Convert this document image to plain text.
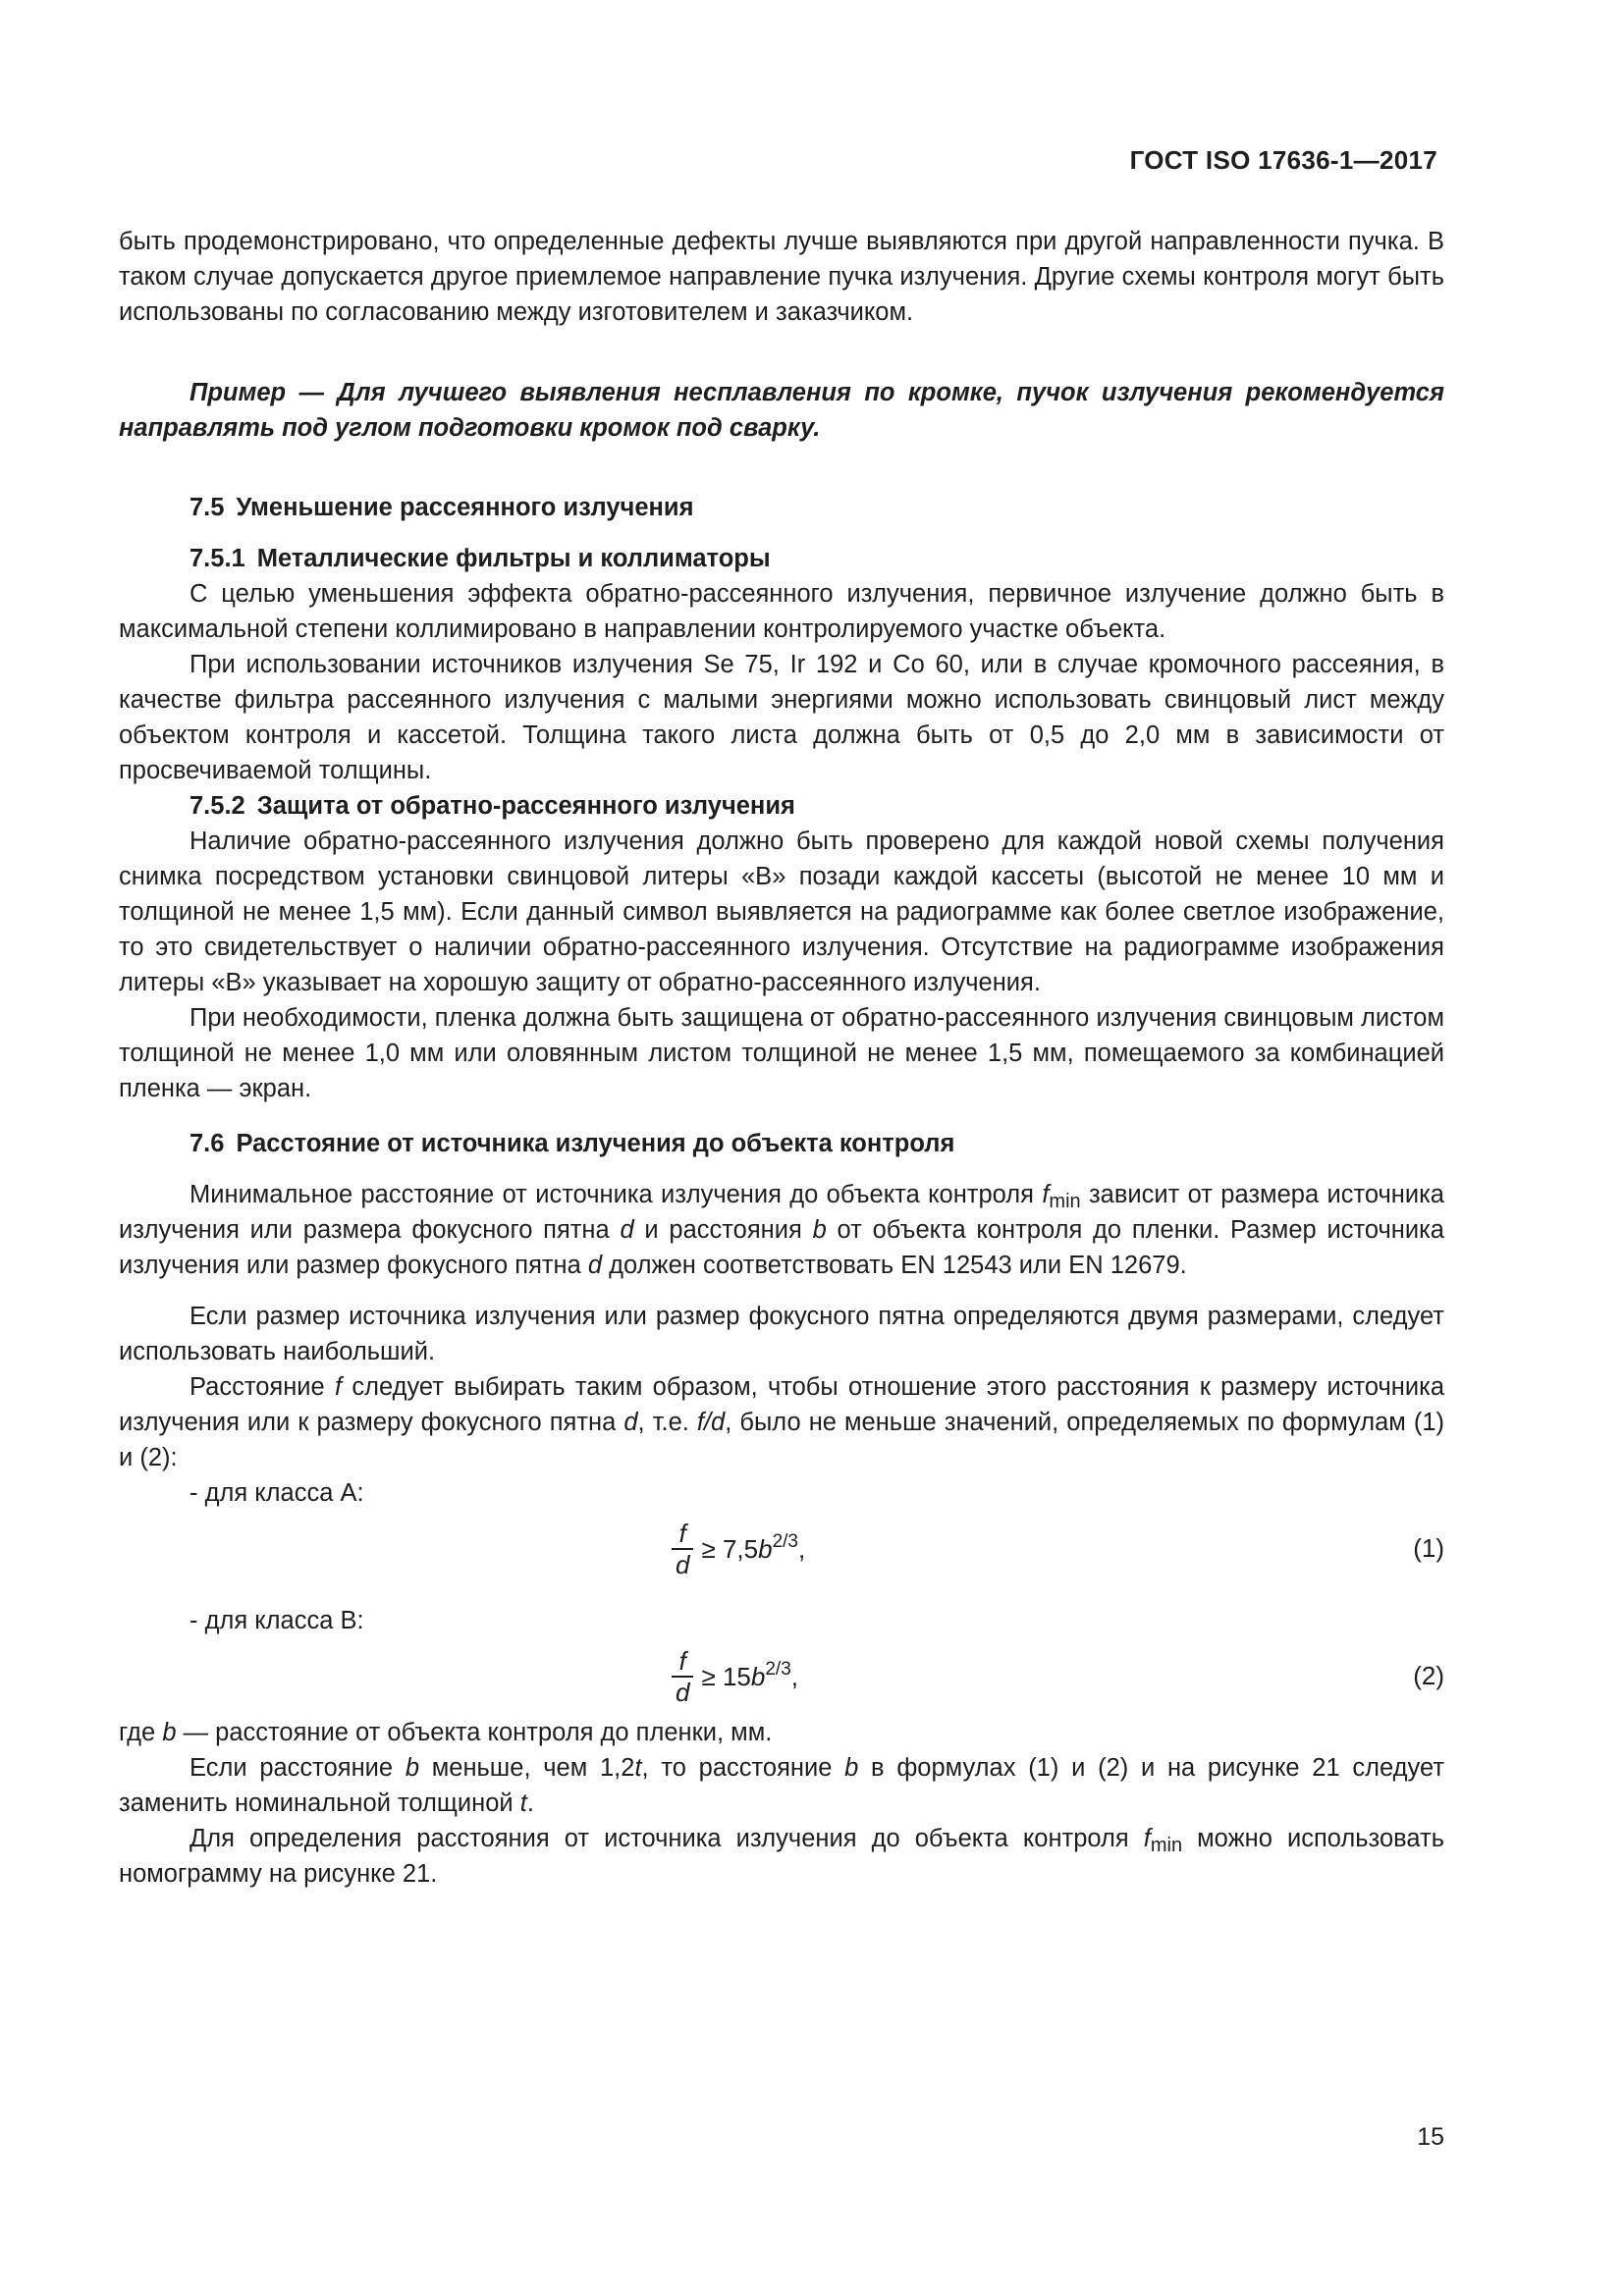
ГОСТ ISO 17636-1—2017

быть продемонстрировано, что определенные дефекты лучше выявляются при другой направленности пучка. В таком случае допускается другое приемлемое направление пучка излучения. Другие схемы контроля могут быть использованы по согласованию между изготовителем и заказчиком.

Пример — Для лучшего выявления несплавления по кромке, пучок излучения рекомендуется направлять под углом подготовки кромок под сварку.

7.5 Уменьшение рассеянного излучения
7.5.1 Металлические фильтры и коллиматоры

С целью уменьшения эффекта обратно-рассеянного излучения, первичное излучение должно быть в максимальной степени коллимировано в направлении контролируемого участке объекта.

При использовании источников излучения Se 75, Ir 192 и Co 60, или в случае кромочного рассеяния, в качестве фильтра рассеянного излучения с малыми энергиями можно использовать свинцовый лист между объектом контроля и кассетой. Толщина такого листа должна быть от 0,5 до 2,0 мм в зависимости от просвечиваемой толщины.

7.5.2 Защита от обратно-рассеянного излучения

Наличие обратно-рассеянного излучения должно быть проверено для каждой новой схемы получения снимка посредством установки свинцовой литеры «В» позади каждой кассеты (высотой не менее 10 мм и толщиной не менее 1,5 мм). Если данный символ выявляется на радиограмме как более светлое изображение, то это свидетельствует о наличии обратно-рассеянного излучения. Отсутствие на радиограмме изображения литеры «В» указывает на хорошую защиту от обратно-рассеянного излучения.

При необходимости, пленка должна быть защищена от обратно-рассеянного излучения свинцовым листом толщиной не менее 1,0 мм или оловянным листом толщиной не менее 1,5 мм, помещаемого за комбинацией пленка — экран.

7.6 Расстояние от источника излучения до объекта контроля

Минимальное расстояние от источника излучения до объекта контроля $f_{min}$ зависит от размера источника излучения или размера фокусного пятна d и расстояния b от объекта контроля до пленки. Размер источника излучения или размер фокусного пятна d должен соответствовать EN 12543 или EN 12679.

Если размер источника излучения или размер фокусного пятна определяются двумя размерами, следует использовать наибольший.

Расстояние f следует выбирать таким образом, чтобы отношение этого расстояния к размеру источника излучения или к размеру фокусного пятна d, т.е. f/d, было не меньше значений, определяемых по формулам (1) и (2):

- для класса А:

$\frac{f}{d} \ge 7,5b^{2/3}$,	(1)

- для класса В:

$\frac{f}{d} \ge 15b^{2/3}$,	(2)

где b — расстояние от объекта контроля до пленки, мм.

Если расстояние b меньше, чем 1,2t, то расстояние b в формулах (1) и (2) и на рисунке 21 следует заменить номинальной толщиной t.

Для определения расстояния от источника излучения до объекта контроля $f_{min}$ можно использовать номограмму на рисунке 21.

15
